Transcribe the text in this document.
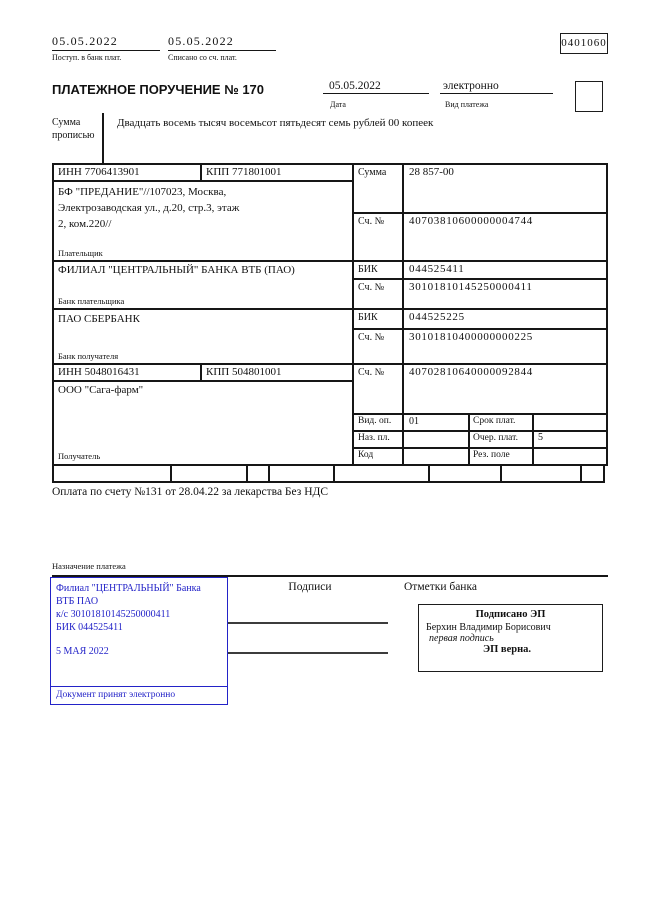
05.05.2022
Поступ. в банк плат.
05.05.2022
Списано со сч. плат.
0401060
ПЛАТЕЖНОЕ ПОРУЧЕНИЕ № 170	05.05.2022
Дата
электронно
Вид платежа
Сумма прописью
Двадцать восемь тысяч восемьсот пятьдесят семь рублей 00 копеек
ИНН 7706413901	КПП 771801001	Сумма 28 857-00
БФ "ПРЕДАНИЕ"//107023, Москва,
Электрозаводская ул., д.20, стр.3, этаж
2, ком.220//	Сч. № 40703810600000004744
Плательщик
ФИЛИАЛ "ЦЕНТРАЛЬНЫЙ" БАНКА ВТБ (ПАО)	БИК	044525411
Сч. № 30101810145250000411
Банк плательщика
ПАО СБЕРБАНК	БИК	044525225
Сч. № 30101810400000000225
Банк получателя
ИНН 5048016431	КПП 504801001	Сч. № 40702810640000092844
ООО "Сага-фарм"
Получатель
Вид. оп. 01	Срок плат.
Наз. пл.	Очер. плат. 5
Код	Рез. поле
Оплата по счету №131 от 28.04.22 за лекарства Без НДС
Назначение платежа
Филиал "ЦЕНТРАЛЬНЫЙ" Банка
ВТБ ПАО
к/с 30101810145250000411
БИК 044525411
5 МАЯ 2022
Документ принят электронно
Подписи	Отметки банка
Подписано ЭП
Берхин Владимир Борисович
первая подпись
ЭП верна.
